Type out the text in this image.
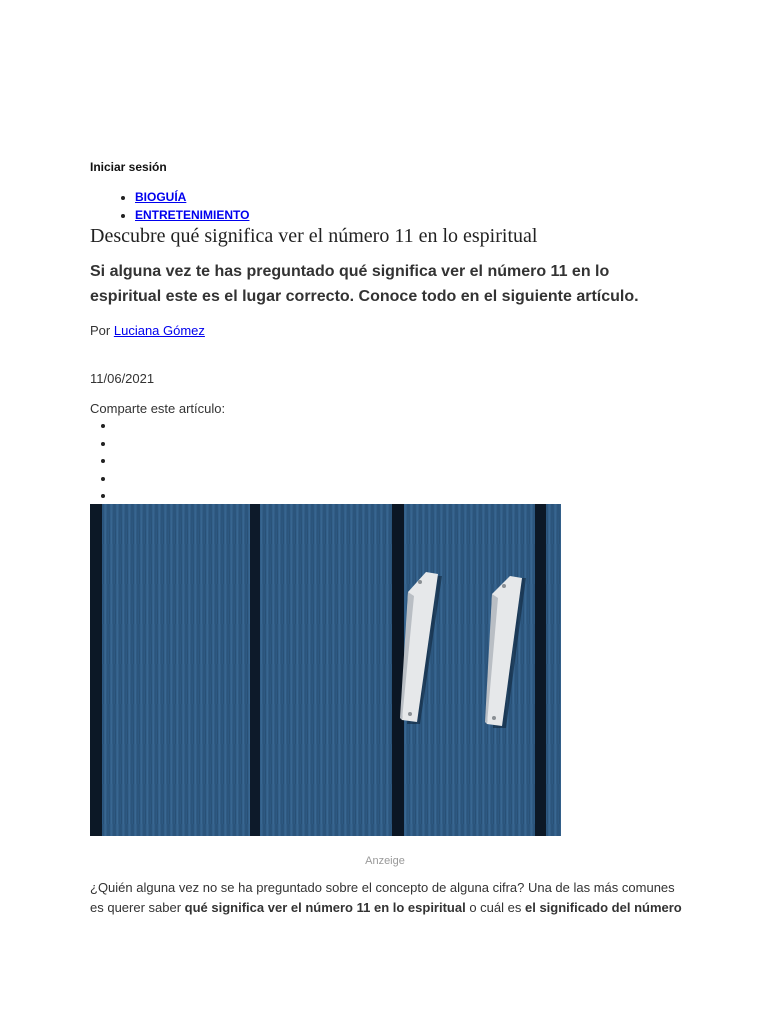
Iniciar sesión
• BIOGUÍA
• ENTRETENIMIENTO
Descubre qué significa ver el número 11 en lo espiritual

Si alguna vez te has preguntado qué significa ver el número 11 en lo espiritual este es el lugar correcto. Conoce todo en el siguiente artículo.

Por Luciana Gómez
11/06/2021
Comparte este artículo:
Anzeige

¿Quién alguna vez no se ha preguntado sobre el concepto de alguna cifra? Una de las más comunes es querer saber qué significa ver el número 11 en lo espiritual o cuál es el significado del número
